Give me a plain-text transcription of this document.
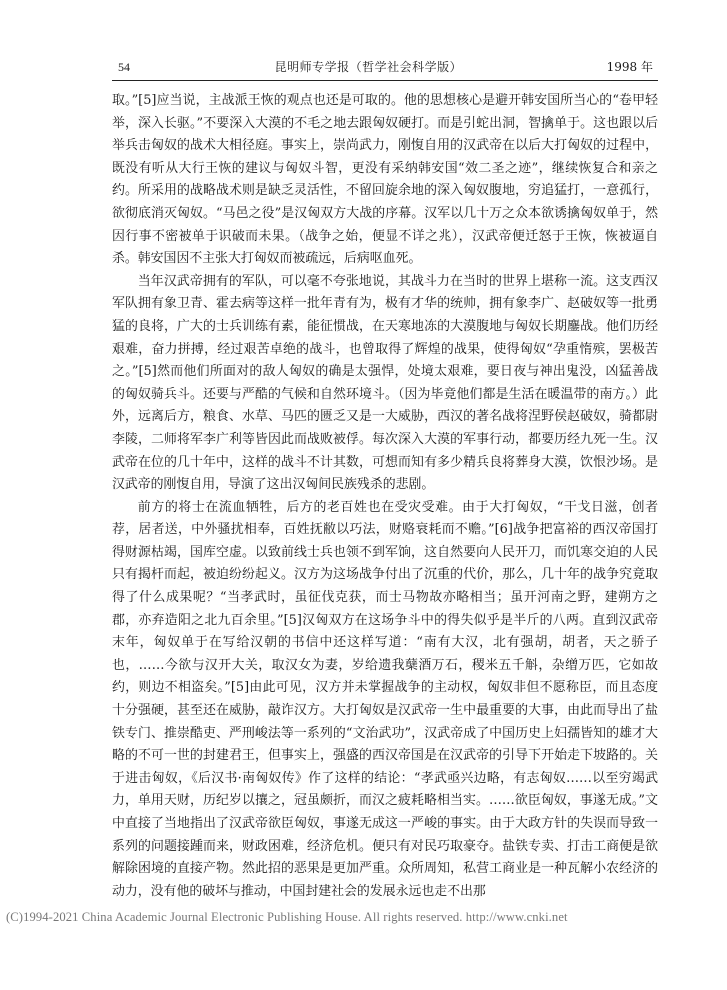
54	昆明师专学报（哲学社会科学版）	1998 年

取。”[5]应当说，主战派王恢的观点也还是可取的。他的思想核心是避开韩安国所当心的“卷甲轻举，深入长驱。”不要深入大漠的不毛之地去跟匈奴硬打。而是引蛇出洞，智擒单于。这也跟以后举兵击匈奴的战术大相径庭。事实上，崇尚武力，刚愎自用的汉武帝在以后大打匈奴的过程中，既没有听从大行王恢的建议与匈奴斗智，更没有采纳韩安国“效二圣之迹”，继续恢复合和亲之约。所采用的战略战术则是缺乏灵活性，不留回旋余地的深入匈奴腹地，穷追猛打，一意孤行，欲彻底消灭匈奴。“马邑之役”是汉匈双方大战的序幕。汉军以几十万之众本欲诱擒匈奴单于，然因行事不密被单于识破而未果。（战争之始，便显不详之兆），汉武帝便迁怒于王恢，恢被逼自杀。韩安国因不主张大打匈奴而被疏远，后病呕血死。

当年汉武帝拥有的军队，可以毫不夸张地说，其战斗力在当时的世界上堪称一流。这支西汉军队拥有象卫青、霍去病等这样一批年青有为，极有才华的统帅，拥有象李广、赵破奴等一批勇猛的良将，广大的士兵训练有素，能征惯战，在天寒地冻的大漠腹地与匈奴长期鏖战。他们历经艰难，奋力拼搏，经过艰苦卓绝的战斗，也曾取得了辉煌的战果，使得匈奴“孕重惰殡，罢极苦之。”[5]然而他们所面对的敌人匈奴的确是太强悍，处境太艰难，要日夜与神出鬼没，凶猛善战的匈奴骑兵斗。还要与严酷的气候和自然环境斗。（因为毕竟他们都是生活在暖温带的南方。）此外，远离后方，粮食、水草、马匹的匮乏又是一大威胁，西汉的著名战将涅野侯赵破奴，骑都尉李陵，二师将军李广利等皆因此而战败被俘。每次深入大漠的军事行动，都要历经九死一生。汉武帝在位的几十年中，这样的战斗不计其数，可想而知有多少精兵良将葬身大漠，饮恨沙场。是汉武帝的刚愎自用，导演了这出汉匈间民族残杀的悲剧。

前方的将士在流血牺牲，后方的老百姓也在受灾受难。由于大打匈奴，“干戈日滋，创者荐，居者送，中外骚扰相奉，百姓抚敝以巧法，财赂衰耗而不赡。”[6]战争把富裕的西汉帝国打得财源枯竭，国库空虚。以致前线士兵也领不到军饷，这自然要向人民开刀，而饥寒交迫的人民只有揭杆而起，被迫纷纷起义。汉方为这场战争付出了沉重的代价，那么，几十年的战争究竟取得了什么成果呢？“当孝武时，虽征伐克获，而士马物故亦略相当；虽开河南之野，建朔方之郡，亦弃造阳之北九百余里。”[5]汉匈双方在这场争斗中的得失似乎是半斤的八两。直到汉武帝末年，匈奴单于在写给汉朝的书信中还这样写道：“南有大汉，北有强胡，胡者，天之骄子也，……今欲与汉开大关，取汉女为妻，岁给遗我蘖酒万石，稷米五千斛，杂缯万匹，它如故约，则边不相盗矣。”[5]由此可见，汉方并未掌握战争的主动权，匈奴非但不愿称臣，而且态度十分强硬，甚至还在威胁，敲诈汉方。大打匈奴是汉武帝一生中最重要的大事，由此而导出了盐铁专门、推崇酷吏、严刑峻法等一系列的“文治武功”，汉武帝成了中国历史上妇孺皆知的雄才大略的不可一世的封建君王，但事实上，强盛的西汉帝国是在汉武帝的引导下开始走下坡路的。关于进击匈奴，《后汉书·南匈奴传》作了这样的结论：“孝武亟兴边略，有志匈奴……以至穷竭武力，单用天财，历纪岁以攘之，冠虽颇折，而汉之疲耗略相当实。……欲臣匈奴，事遂无成。”文中直接了当地指出了汉武帝欲臣匈奴，事遂无成这一严峻的事实。由于大政方针的失误而导致一系列的问题接踵而来，财政困难，经济危机。便只有对民巧取豪夺。盐铁专卖、打击工商便是欲解除困境的直接产物。然此招的恶果是更加严重。众所周知，私营工商业是一种瓦解小农经济的动力，没有他的破坏与推动，中国封建社会的发展永远也走不出那

(C)1994-2021 China Academic Journal Electronic Publishing House. All rights reserved. http://www.cnki.net
